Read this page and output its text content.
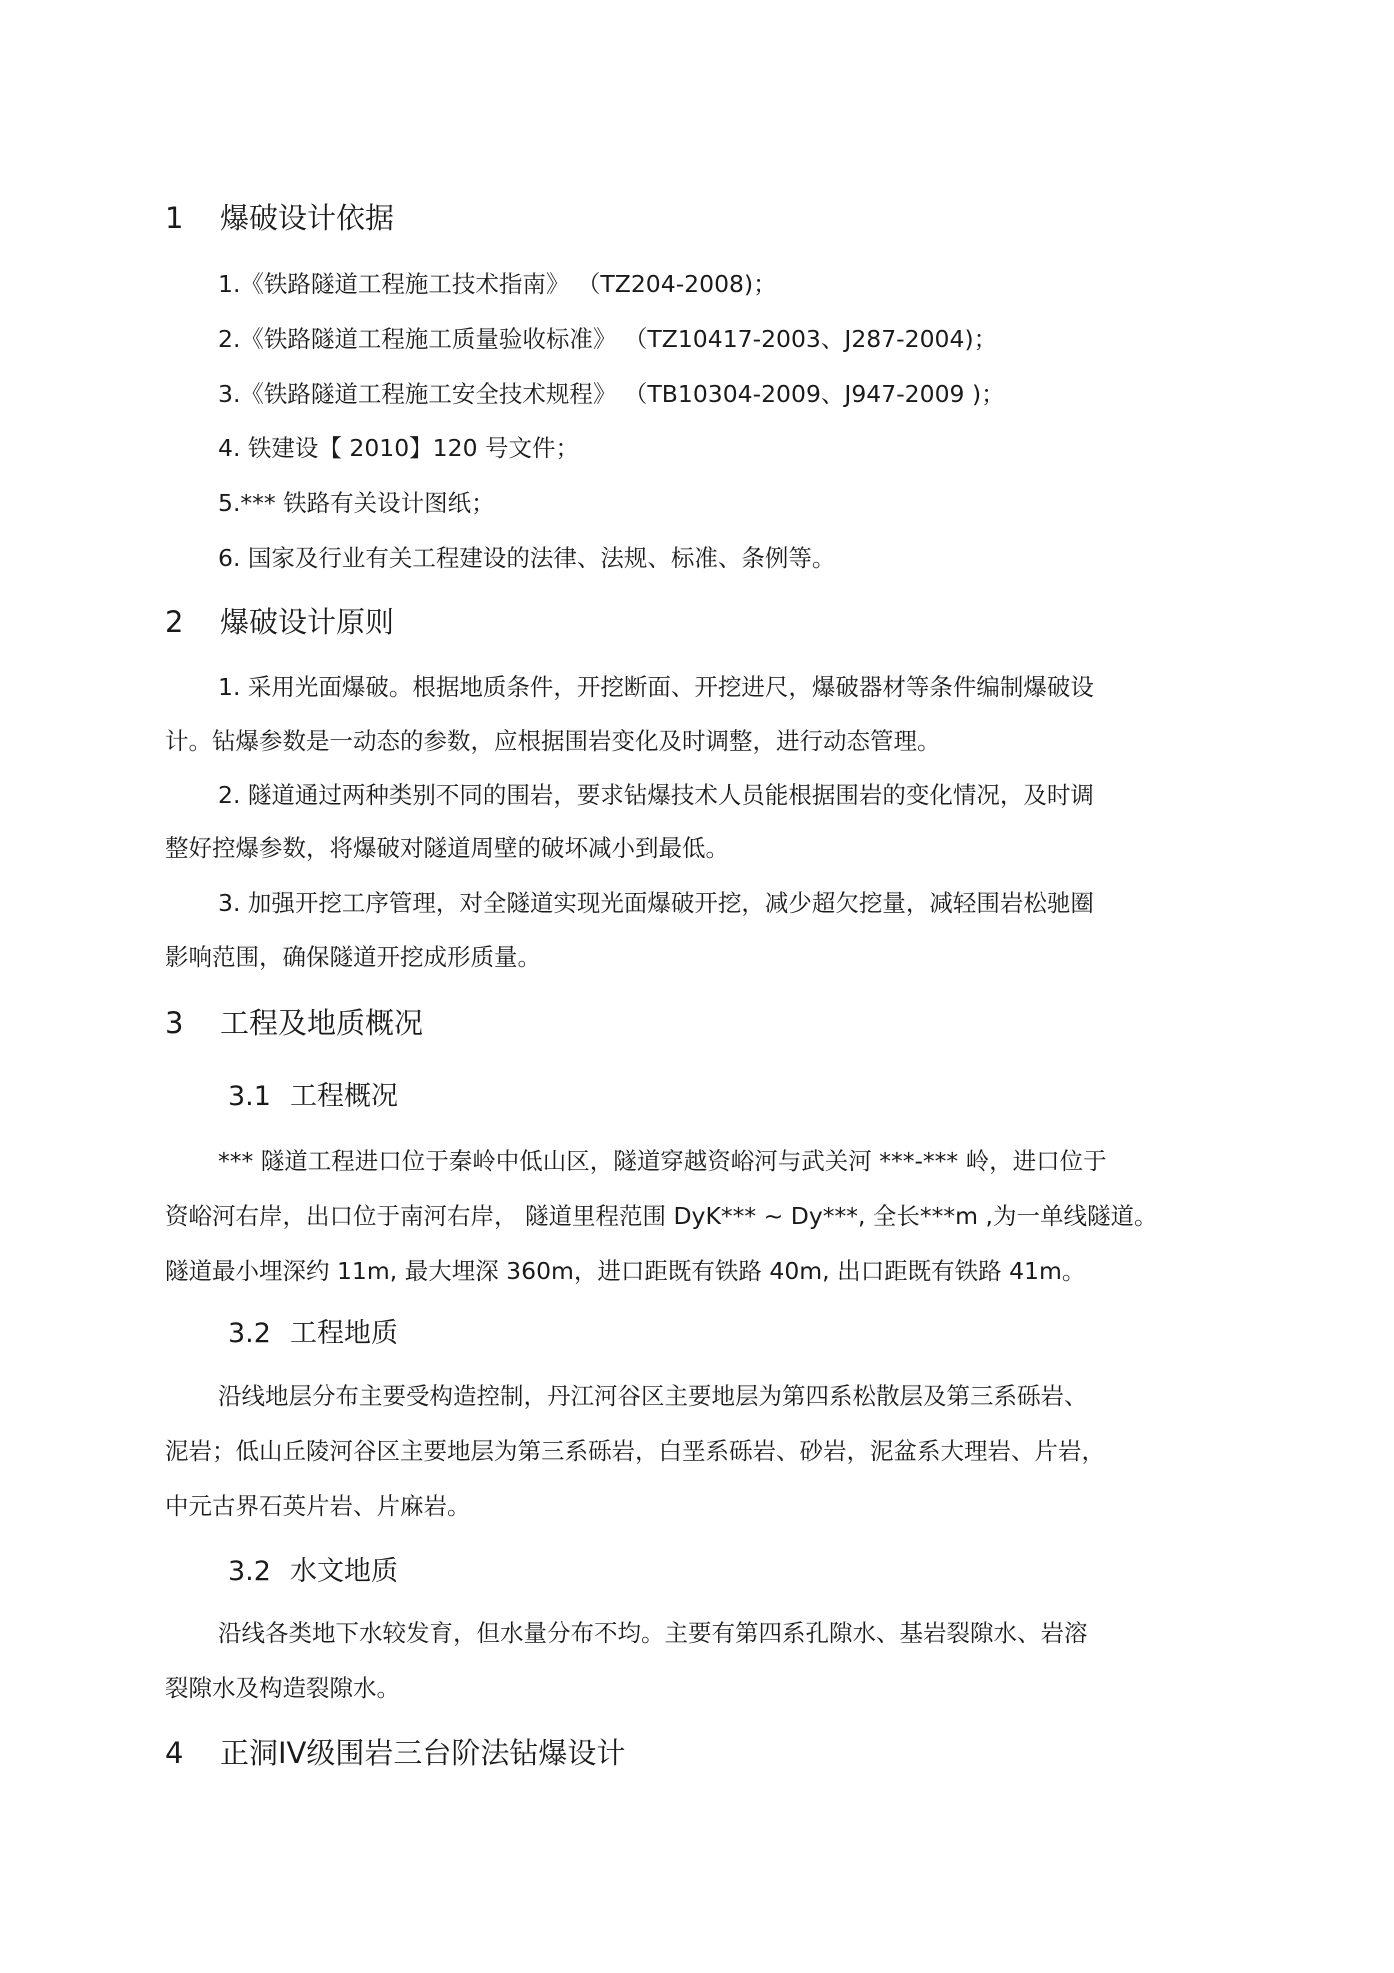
1 爆破设计依据
1.《铁路隧道工程施工技术指南》 （TZ204-2008)；
2.《铁路隧道工程施工质量验收标准》 （TZ10417-2003、J287-2004)；
3.《铁路隧道工程施工安全技术规程》 （TB10304-2009、J947-2009 )；
4. 铁建设【 2010】120 号文件；
5.*** 铁路有关设计图纸；
6. 国家及行业有关工程建设的法律、法规、标准、条例等。
2 爆破设计原则
1. 采用光面爆破。根据地质条件，开挖断面、开挖进尺，爆破器材等条件编制爆破设
计。钻爆参数是一动态的参数，应根据围岩变化及时调整，进行动态管理。
2. 隧道通过两种类别不同的围岩，要求钻爆技术人员能根据围岩的变化情况，及时调
整好控爆参数，将爆破对隧道周壁的破坏减小到最低。
3. 加强开挖工序管理，对全隧道实现光面爆破开挖，减少超欠挖量，减轻围岩松驰圈
影响范围，确保隧道开挖成形质量。
3 工程及地质概况
3.1 工程概况
*** 隧道工程进口位于秦岭中低山区，隧道穿越资峪河与武关河 ***-*** 岭，进口位于
资峪河右岸，出口位于南河右岸， 隧道里程范围 DyK*** ~ Dy***, 全长***m ,为一单线隧道。
隧道最小埋深约 11m, 最大埋深 360m，进口距既有铁路 40m, 出口距既有铁路 41m。
3.2 工程地质
沿线地层分布主要受构造控制，丹江河谷区主要地层为第四系松散层及第三系砾岩、
泥岩；低山丘陵河谷区主要地层为第三系砾岩，白垩系砾岩、砂岩，泥盆系大理岩、片岩，
中元古界石英片岩、片麻岩。
3.2 水文地质
沿线各类地下水较发育，但水量分布不均。主要有第四系孔隙水、基岩裂隙水、岩溶
裂隙水及构造裂隙水。
4 正洞IV级围岩三台阶法钻爆设计
